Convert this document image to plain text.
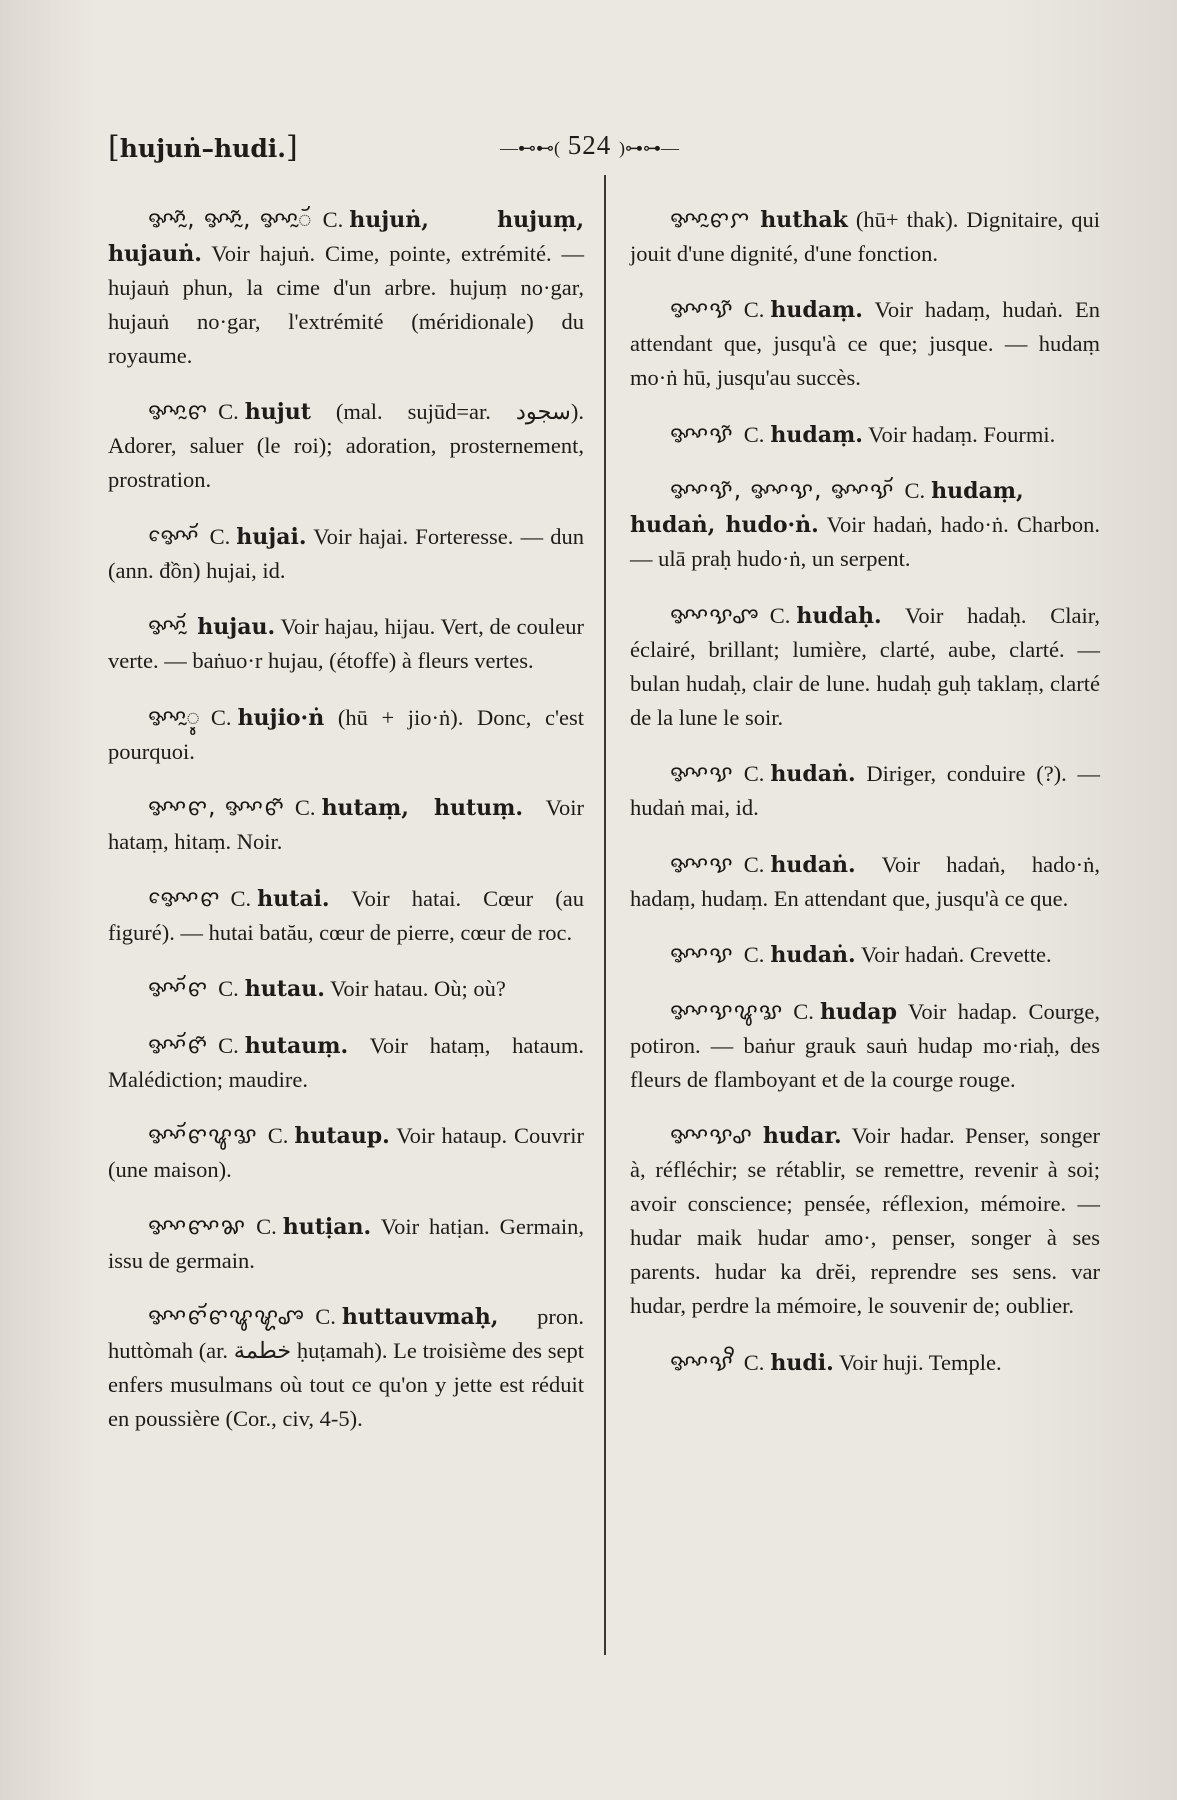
[hujuṅ–hudi.]	—⊷⊷( 524 )⊶⊶—

ꨀꨳꨭ̃, ꨀꨳꨭ̃, ꨀꨳꨭꨮ C. hujuṅ, hujuṃ, hujauṅ. Voir hajuṅ. Cime, pointe, extrémité. — hujauṅ phun, la cime d'un arbre. hujuṃ no·gar, hujauṅ no·gar, l'extrémité (méridionale) du royaume.

ꨀꨳꨭꨓ C. hujut (mal. sujūd=ar. سجود). Adorer, saluer (le roi); adoration, prosternement, prostration.

ꨀꨳꨯꨮ C. hujai. Voir hajai. Forteresse. — dun (ann. đồn) hujai, id.

ꨀꨳꨮꨭ hujau. Voir hajau, hijau. Vert, de couleur verte. — baṅuo·r hujau, (étoffe) à fleurs vertes.

ꨀꨳꨭꨶ C. hujio·ṅ (hū + jio·ṅ). Donc, c'est pourquoi.

ꨀꨳꨓ, ꨀꨳꨓ̃ C. hutaṃ, hutuṃ. Voir hataṃ, hitaṃ. Noir.

ꨀꨳꨯꨓ C. hutai. Voir hatai. Cœur (au figuré). — hutai batău, cœur de pierre, cœur de roc.

ꨀꨳꨮꨓ C. hutau. Voir hatau. Où; où?

ꨀꨳꨮꨓ̃ C. hutauṃ. Voir hataṃ, hataum. Malédiction; maudire.

ꨀꨳꨮꨓꨥꨛ C. hutaup. Voir hataup. Couvrir (une maison).

ꨀꨳꨓꨳꨗ C. hutịan. Voir hatịan. Germain, issu de germain.

ꨀꨳꨓꨮꨓꨥꨠꨨ C. huttauvmaḥ, pron. huttòmah (ar. خطمة ḥuṭamah). Le troisième des sept enfers musulmans où tout ce qu'on y jette est réduit en poussière (Cor., civ, 4-5).

ꨀꨳꨭꨓꨆ huthak (hū+ thak). Dignitaire, qui jouit d'une dignité, d'une fonction.

ꨀꨳꨕ̃ C. hudaṃ. Voir hadaṃ, hudaṅ. En attendant que, jusqu'à ce que; jusque. — hudaṃ mo·ṅ hū, jusqu'au succès.

ꨀꨳꨕ̃ C. hudaṃ. Voir hadaṃ. Fourmi.

ꨀꨳꨕ̃, ꨀꨳꨕ, ꨀꨳꨕꨮ C. hudaṃ, hudaṅ, hudo·ṅ. Voir hadaṅ, hado·ṅ. Charbon. — ulā praḥ hudo·ṅ, un serpent.

ꨀꨳꨕꨨ C. hudaḥ. Voir hadaḥ. Clair, éclairé, brillant; lumière, clarté, aube, clarté. — bulan hudaḥ, clair de lune. hudaḥ guḥ taklaṃ, clarté de la lune le soir.

ꨀꨳꨕ C. hudaṅ. Diriger, conduire (?). — hudaṅ mai, id.

ꨀꨳꨕ C. hudaṅ. Voir hadaṅ, hado·ṅ, hadaṃ, hudaṃ. En attendant que, jusqu'à ce que.

ꨀꨳꨕ C. hudaṅ. Voir hadaṅ. Crevette.

ꨀꨳꨕꨥꨛ C. hudap Voir hadap. Courge, potiron. — baṅur grauk sauṅ hudap mo·riaḥ, des fleurs de flamboyant et de la courge rouge.

ꨀꨳꨕꨣ hudar. Voir hadar. Penser, songer à, réfléchir; se rétablir, se remettre, revenir à soi; avoir conscience; pensée, réflexion, mémoire. — hudar maik hudar amo·, penser, songer à ses parents. hudar ka drĕi, reprendre ses sens. var hudar, perdre la mémoire, le souvenir de; oublier.

ꨀꨳꨕꨪ C. hudi. Voir huji. Temple.
